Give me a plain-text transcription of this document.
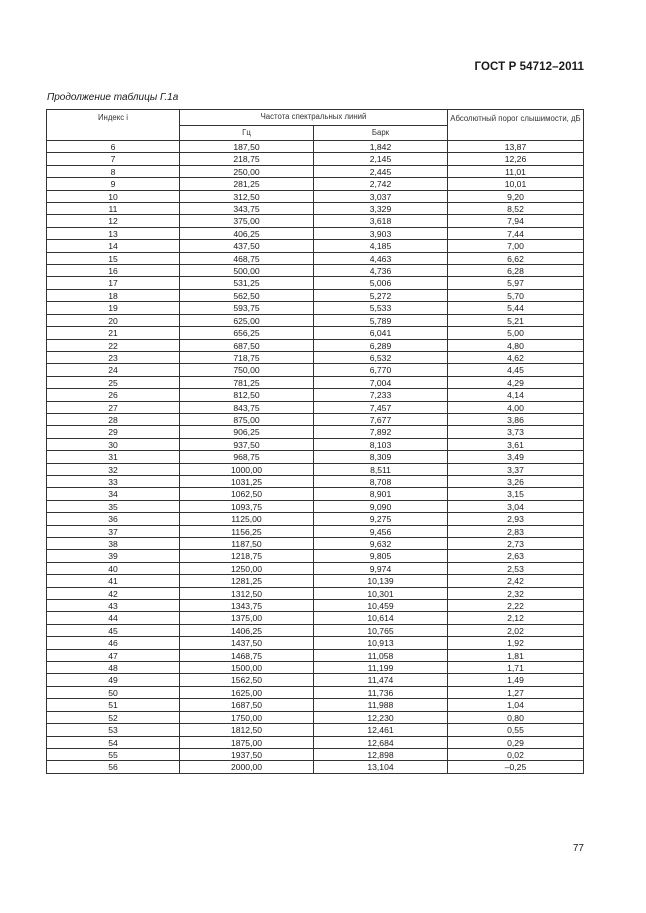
ГОСТ Р 54712–2011
Продолжение таблицы Г.1а
Индекс i	Частота спектральных линий		Абсолютный порог слышимости, дБ
	Гц	Барк	
6	187,50	1,842	13,87
7	218,75	2,145	12,26
8	250,00	2,445	11,01
9	281,25	2,742	10,01
10	312,50	3,037	9,20
11	343,75	3,329	8,52
12	375,00	3,618	7,94
13	406,25	3,903	7,44
14	437,50	4,185	7,00
15	468,75	4,463	6,62
16	500,00	4,736	6,28
17	531,25	5,006	5,97
18	562,50	5,272	5,70
19	593,75	5,533	5,44
20	625,00	5,789	5,21
21	656,25	6,041	5,00
22	687,50	6,289	4,80
23	718,75	6,532	4,62
24	750,00	6,770	4,45
25	781,25	7,004	4,29
26	812,50	7,233	4,14
27	843,75	7,457	4,00
28	875,00	7,677	3,86
29	906,25	7,892	3,73
30	937,50	8,103	3,61
31	968,75	8,309	3,49
32	1000,00	8,511	3,37
33	1031,25	8,708	3,26
34	1062,50	8,901	3,15
35	1093,75	9,090	3,04
36	1125,00	9,275	2,93
37	1156,25	9,456	2,83
38	1187,50	9,632	2,73
39	1218,75	9,805	2,63
40	1250,00	9,974	2,53
41	1281,25	10,139	2,42
42	1312,50	10,301	2,32
43	1343,75	10,459	2,22
44	1375,00	10,614	2,12
45	1406,25	10,765	2,02
46	1437,50	10,913	1,92
47	1468,75	11,058	1,81
48	1500,00	11,199	1,71
49	1562,50	11,474	1,49
50	1625,00	11,736	1,27
51	1687,50	11,988	1,04
52	1750,00	12,230	0,80
53	1812,50	12,461	0,55
54	1875,00	12,684	0,29
55	1937,50	12,898	0,02
56	2000,00	13,104	–0,25
77
